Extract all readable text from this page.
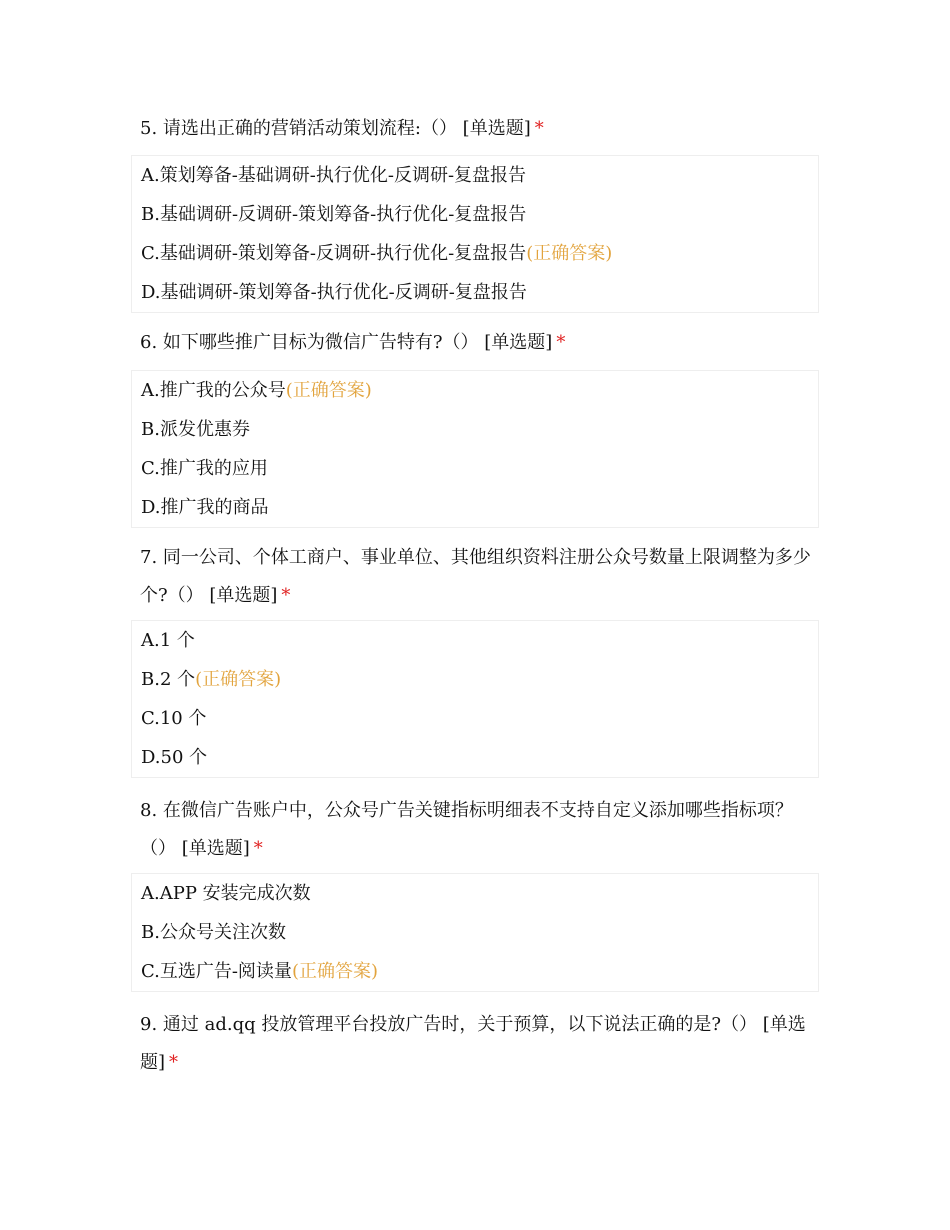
5. 请选出正确的营销活动策划流程:（） [单选题] *
A.策划筹备-基础调研-执行优化-反调研-复盘报告
B.基础调研-反调研-策划筹备-执行优化-复盘报告
C.基础调研-策划筹备-反调研-执行优化-复盘报告(正确答案)
D.基础调研-策划筹备-执行优化-反调研-复盘报告
6. 如下哪些推广目标为微信广告特有?（） [单选题] *
A.推广我的公众号(正确答案)
B.派发优惠券
C.推广我的应用
D.推广我的商品
7. 同一公司、个体工商户、事业单位、其他组织资料注册公众号数量上限调整为多少个?（） [单选题] *
A.1 个
B.2 个(正确答案)
C.10 个
D.50 个
8. 在微信广告账户中，公众号广告关键指标明细表不支持自定义添加哪些指标项？（） [单选题] *
A.APP 安装完成次数
B.公众号关注次数
C.互选广告-阅读量(正确答案)
9. 通过 ad.qq 投放管理平台投放广告时，关于预算，以下说法正确的是?（） [单选题] *
